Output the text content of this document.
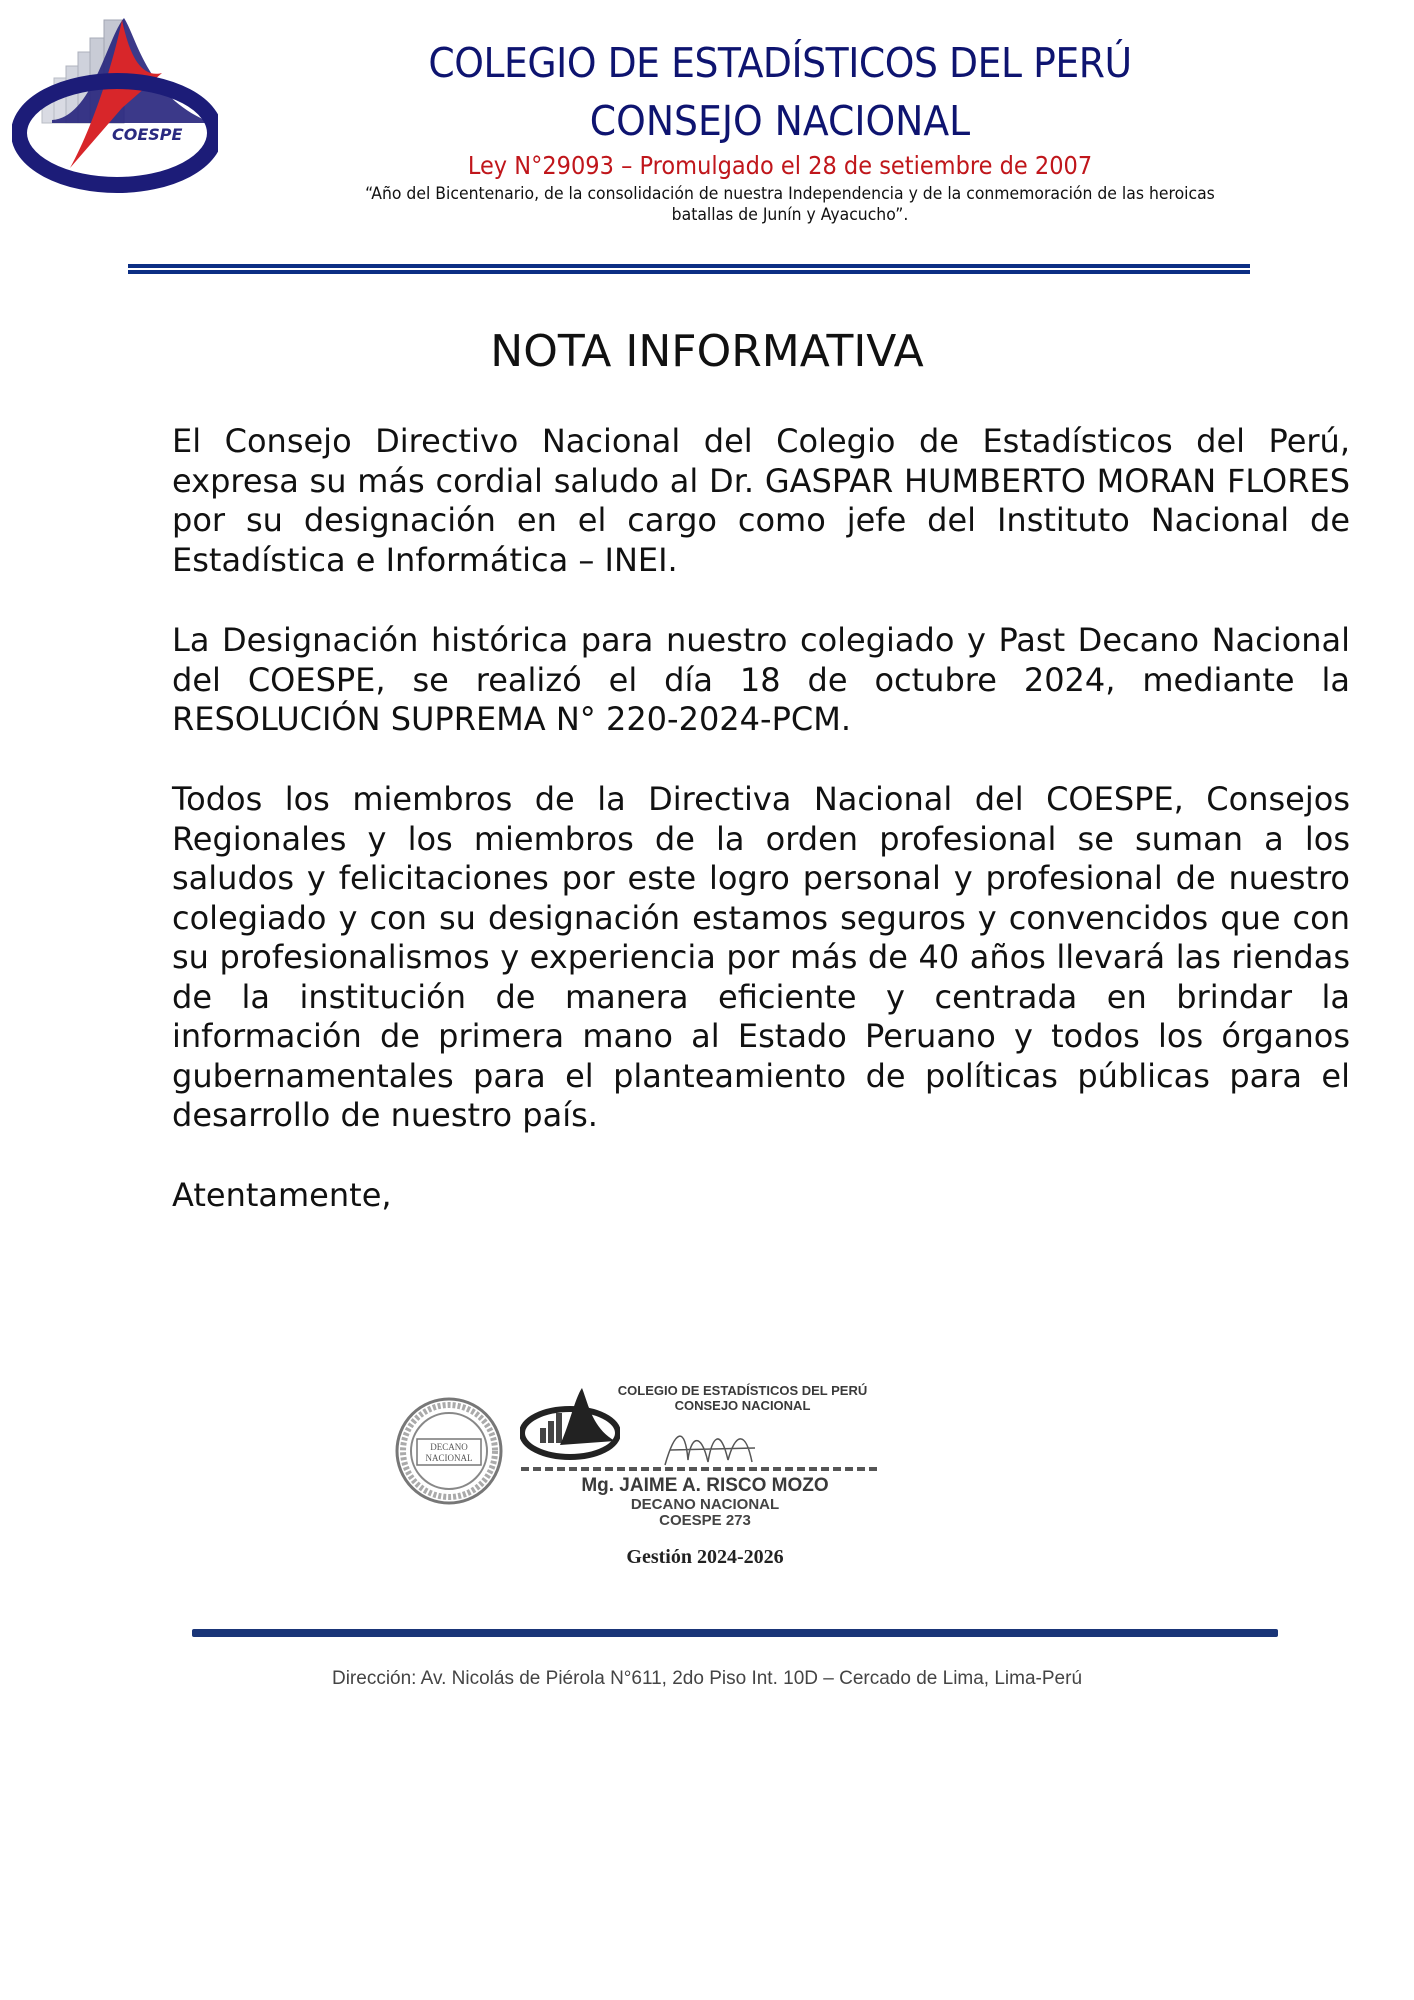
COESPE
COLEGIO DE ESTADÍSTICOS DEL PERÚ
CONSEJO NACIONAL
Ley N°29093 – Promulgado el 28 de setiembre de 2007
“Año del Bicentenario, de la consolidación de nuestra Independencia y de la conmemoración de las heroicas
batallas de Junín y Ayacucho”.
NOTA INFORMATIVA

El Consejo Directivo Nacional del Colegio de Estadísticos del Perú, expresa su más cordial saludo al Dr. GASPAR HUMBERTO MORAN FLORES por su designación en el cargo como jefe del Instituto Nacional de Estadística e Informática – INEI.

La Designación histórica para nuestro colegiado y Past Decano Nacional del COESPE, se realizó el día 18 de octubre 2024, mediante la RESOLUCIÓN SUPREMA N° 220-2024-PCM.

Todos los miembros de la Directiva Nacional del COESPE, Consejos Regionales y los miembros de la orden profesional se suman a los saludos y felicitaciones por este logro personal y profesional de nuestro colegiado y con su designación estamos seguros y convencidos que con su profesionalismos y experiencia por más de 40 años llevará las riendas de la institución de manera eficiente y centrada en brindar la información de primera mano al Estado Peruano y todos los órganos gubernamentales para el planteamiento de políticas públicas para el desarrollo de nuestro país.

Atentamente,
DECANO
NACIONAL
COLEGIO DE ESTADÍSTICOS DEL PERÚ
CONSEJO NACIONAL
Mg. JAIME A. RISCO MOZO
DECANO NACIONAL
COESPE 273
Gestión 2024-2026
Dirección: Av. Nicolás de Piérola N°611, 2do Piso Int. 10D – Cercado de Lima, Lima-Perú
